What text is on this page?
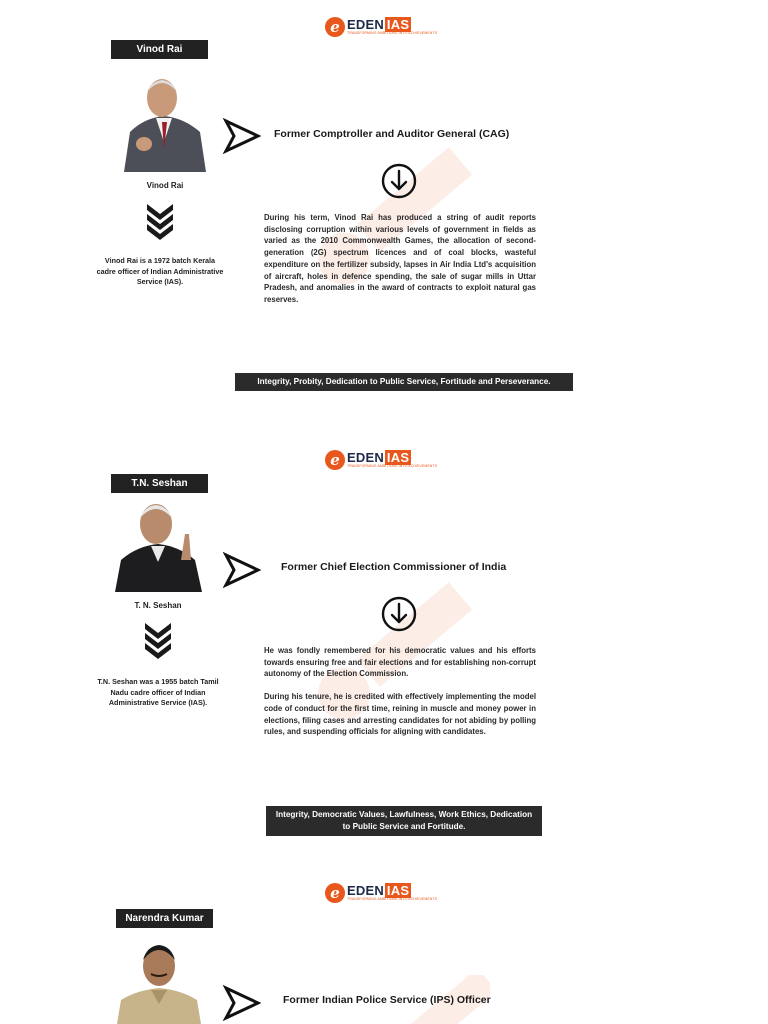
e EDEN IAS
TRANSFORMING AMBITIONS INTO ACHIEVEMENTS
Vinod Rai
Vinod Rai
Vinod Rai is a 1972 batch Kerala cadre officer of Indian Administrative Service (IAS).
Former Comptroller and Auditor General (CAG)

During his term, Vinod Rai has produced a string of audit reports disclosing corruption within various levels of government in fields as varied as the 2010 Commonwealth Games, the allocation of second-generation (2G) spectrum licences and of coal blocks, wasteful expenditure on the fertilizer subsidy, lapses in Air India Ltd's acquisition of aircraft, holes in defence spending, the sale of sugar mills in Uttar Pradesh, and anomalies in the award of contracts to exploit natural gas reserves.

Integrity, Probity, Dedication to Public Service, Fortitude and Perseverance.
e EDEN IAS
TRANSFORMING AMBITIONS INTO ACHIEVEMENTS
T.N. Seshan
T. N. Seshan
T.N. Seshan was a 1955 batch Tamil Nadu cadre officer of Indian Administrative Service (IAS).
Former Chief Election Commissioner of India

He was fondly remembered for his democratic values and his efforts towards ensuring free and fair elections and for establishing non-corrupt autonomy of the Election Commission.

During his tenure, he is credited with effectively implementing the model code of conduct for the first time, reining in muscle and money power in elections, filing cases and arresting candidates for not abiding by polling rules, and suspending officials for aligning with candidates.

Integrity, Democratic Values, Lawfulness, Work Ethics, Dedication to Public Service and Fortitude.
e EDEN IAS
TRANSFORMING AMBITIONS INTO ACHIEVEMENTS
Narendra Kumar
Former Indian Police Service (IPS) Officer
